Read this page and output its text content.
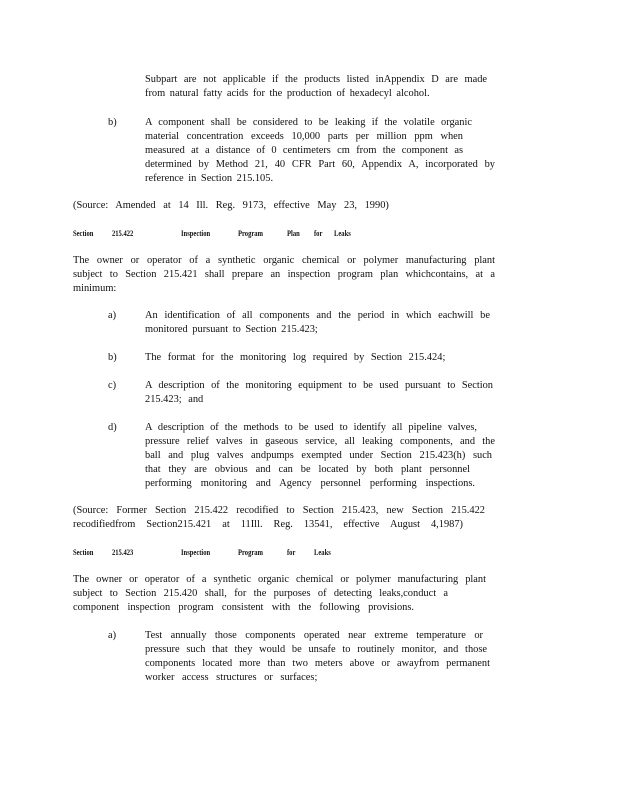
Subpart are not applicable if the products listed inAppendix D are made
from natural fatty acids for the production of hexadecyl alcohol.
b)	A component shall be considered to be leaking if the volatile organic
material concentration exceeds 10,000 parts per million ppm when
measured at a distance of 0 centimeters cm from the component as
determined by Method 21, 40 CFR Part 60, Appendix A, incorporated by
reference in Section 215.105.
(Source: Amended at 14 Ill. Reg. 9173, effective May 23, 1990)
Section 215.422	Inspection	Program	Plan for Leaks
The owner or operator of a synthetic organic chemical or polymer manufacturing plant
subject to Section 215.421 shall prepare an inspection program plan whichcontains, at a
minimum:
a)	An identification of all components and the period in which eachwill be
monitored pursuant to Section 215.423;
b)	The format for the monitoring log required by Section 215.424;
c)	A description of the monitoring equipment to be used pursuant to Section
215.423; and
d)	A description of the methods to be used to identify all pipeline valves,
pressure relief valves in gaseous service, all leaking components, and the
ball and plug valves andpumps exempted under Section 215.423(h) such
that they are obvious and can be located by both plant personnel
performing monitoring and Agency personnel performing inspections.
(Source: Former Section 215.422 recodified to Section 215.423, new Section 215.422
recodifiedfrom Section215.421 at 11Ill. Reg. 13541, effective August 4,1987)
Section 215.423	Inspection	Program	for Leaks
The owner or operator of a synthetic organic chemical or polymer manufacturing plant
subject to Section 215.420 shall, for the purposes of detecting leaks,conduct a
component inspection program consistent with the following provisions.
a)	Test annually those components operated near extreme temperature or
pressure such that they would be unsafe to routinely monitor, and those
components located more than two meters above or awayfrom permanent
worker access structures or surfaces;
